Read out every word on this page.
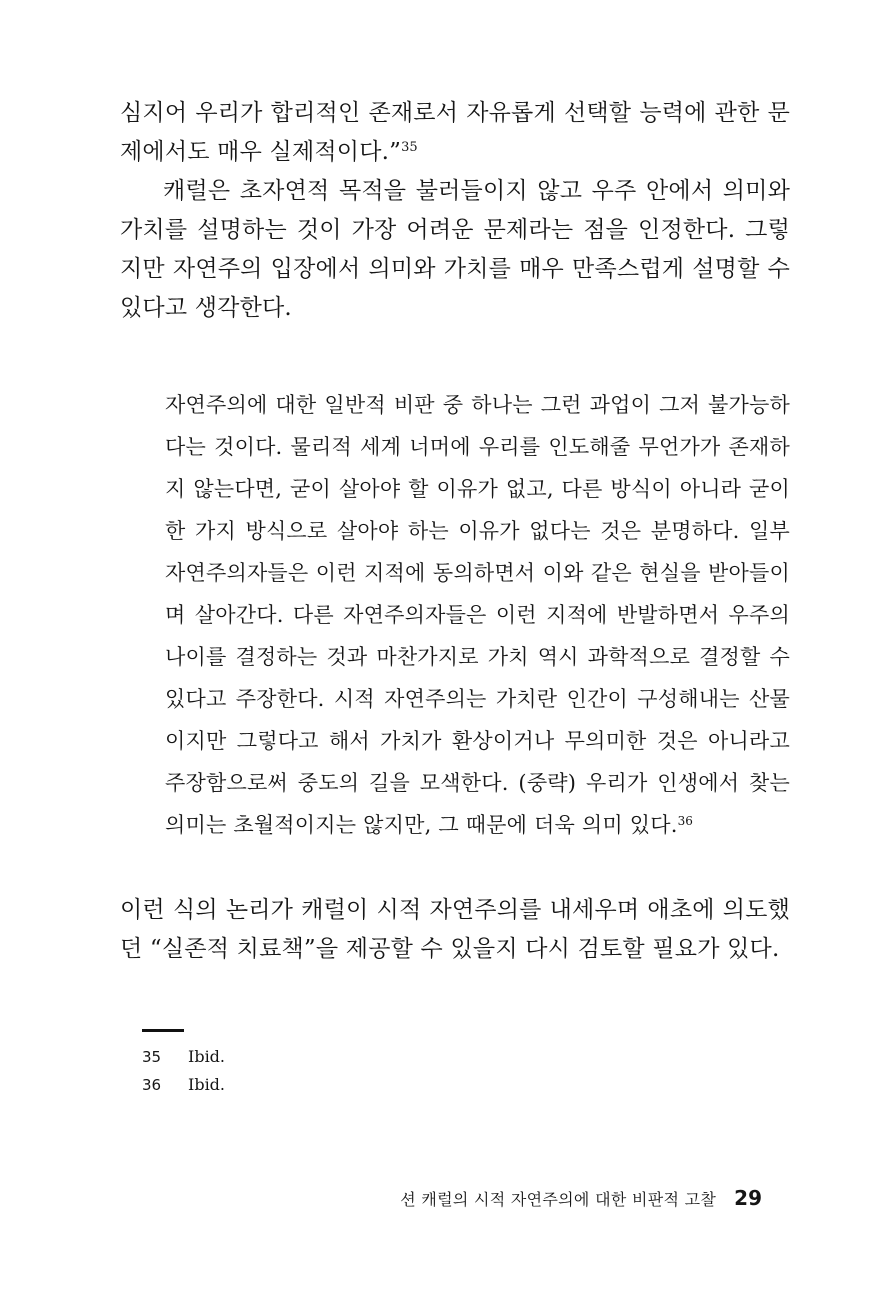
심지어 우리가 합리적인 존재로서 자유롭게 선택할 능력에 관한 문제에서도 매우 실제적이다.”$^{35}$

캐럴은 초자연적 목적을 불러들이지 않고 우주 안에서 의미와 가치를 설명하는 것이 가장 어려운 문제라는 점을 인정한다. 그렇지만 자연주의 입장에서 의미와 가치를 매우 만족스럽게 설명할 수 있다고 생각한다.

자연주의에 대한 일반적 비판 중 하나는 그런 과업이 그저 불가능하다는 것이다. 물리적 세계 너머에 우리를 인도해줄 무언가가 존재하지 않는다면, 굳이 살아야 할 이유가 없고, 다른 방식이 아니라 굳이 한 가지 방식으로 살아야 하는 이유가 없다는 것은 분명하다. 일부 자연주의자들은 이런 지적에 동의하면서 이와 같은 현실을 받아들이며 살아간다. 다른 자연주의자들은 이런 지적에 반발하면서 우주의 나이를 결정하는 것과 마찬가지로 가치 역시 과학적으로 결정할 수 있다고 주장한다. 시적 자연주의는 가치란 인간이 구성해내는 산물이지만 그렇다고 해서 가치가 환상이거나 무의미한 것은 아니라고 주장함으로써 중도의 길을 모색한다. (중략) 우리가 인생에서 찾는 의미는 초월적이지는 않지만, 그 때문에 더욱 의미 있다.$^{36}$

이런 식의 논리가 캐럴이 시적 자연주의를 내세우며 애초에 의도했던 “실존적 치료책”을 제공할 수 있을지 다시 검토할 필요가 있다.

35 Ibid.
36 Ibid.
션 캐럴의 시적 자연주의에 대한 비판적 고찰 29
